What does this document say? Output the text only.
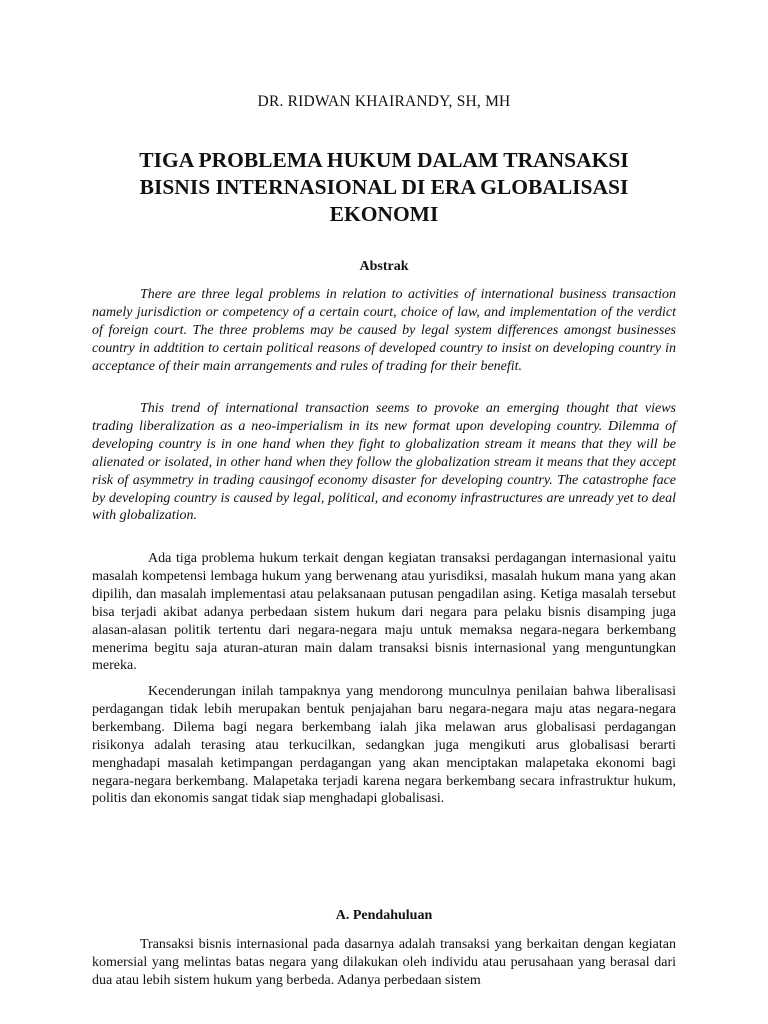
DR. RIDWAN KHAIRANDY, SH, MH
TIGA PROBLEMA HUKUM DALAM TRANSAKSI
BISNIS INTERNASIONAL DI ERA GLOBALISASI
EKONOMI
Abstrak

There are three legal problems in relation to activities of international business transaction namely jurisdiction or competency of a certain court, choice of law, and implementation of the verdict of foreign court. The three problems may be caused by legal system differences amongst businesses country in addtition to certain political reasons of developed country to insist on developing country in acceptance of their main arrangements and rules of trading for their benefit.

This trend of international transaction seems to provoke an emerging thought that views trading liberalization as a neo-imperialism in its new format upon developing country. Dilemma of developing country is in one hand when they fight to globalization stream it means that they will be alienated or isolated, in other hand when they follow the globalization stream it means that they accept risk of asymmetry in trading causingof economy disaster for developing country. The catastrophe face by developing country is caused by legal, political, and economy infrastructures are unready yet to deal with globalization.

Ada tiga problema hukum terkait dengan kegiatan transaksi perdagangan internasional yaitu masalah kompetensi lembaga hukum yang berwenang atau yurisdiksi, masalah hukum mana yang akan dipilih, dan masalah implementasi atau pelaksanaan putusan pengadilan asing. Ketiga masalah tersebut bisa terjadi akibat adanya perbedaan sistem hukum dari negara para pelaku bisnis disamping juga alasan-alasan politik tertentu dari negara-negara maju untuk memaksa negara-negara berkembang menerima begitu saja aturan-aturan main dalam transaksi bisnis internasional yang menguntungkan mereka.

Kecenderungan inilah tampaknya yang mendorong munculnya penilaian bahwa liberalisasi perdagangan tidak lebih merupakan bentuk penjajahan baru negara-negara maju atas negara-negara berkembang. Dilema bagi negara berkembang ialah jika melawan arus globalisasi perdagangan risikonya adalah terasing atau terkucilkan, sedangkan juga mengikuti arus globalisasi berarti menghadapi masalah ketimpangan perdagangan yang akan menciptakan malapetaka ekonomi bagi negara-negara berkembang. Malapetaka terjadi karena negara berkembang secara infrastruktur hukum, politis dan ekonomis sangat tidak siap menghadapi globalisasi.

A. Pendahuluan

Transaksi bisnis internasional pada dasarnya adalah transaksi yang berkaitan dengan kegiatan komersial yang melintas batas negara yang dilakukan oleh individu atau perusahaan yang berasal dari dua atau lebih sistem hukum yang berbeda. Adanya perbedaan sistem
